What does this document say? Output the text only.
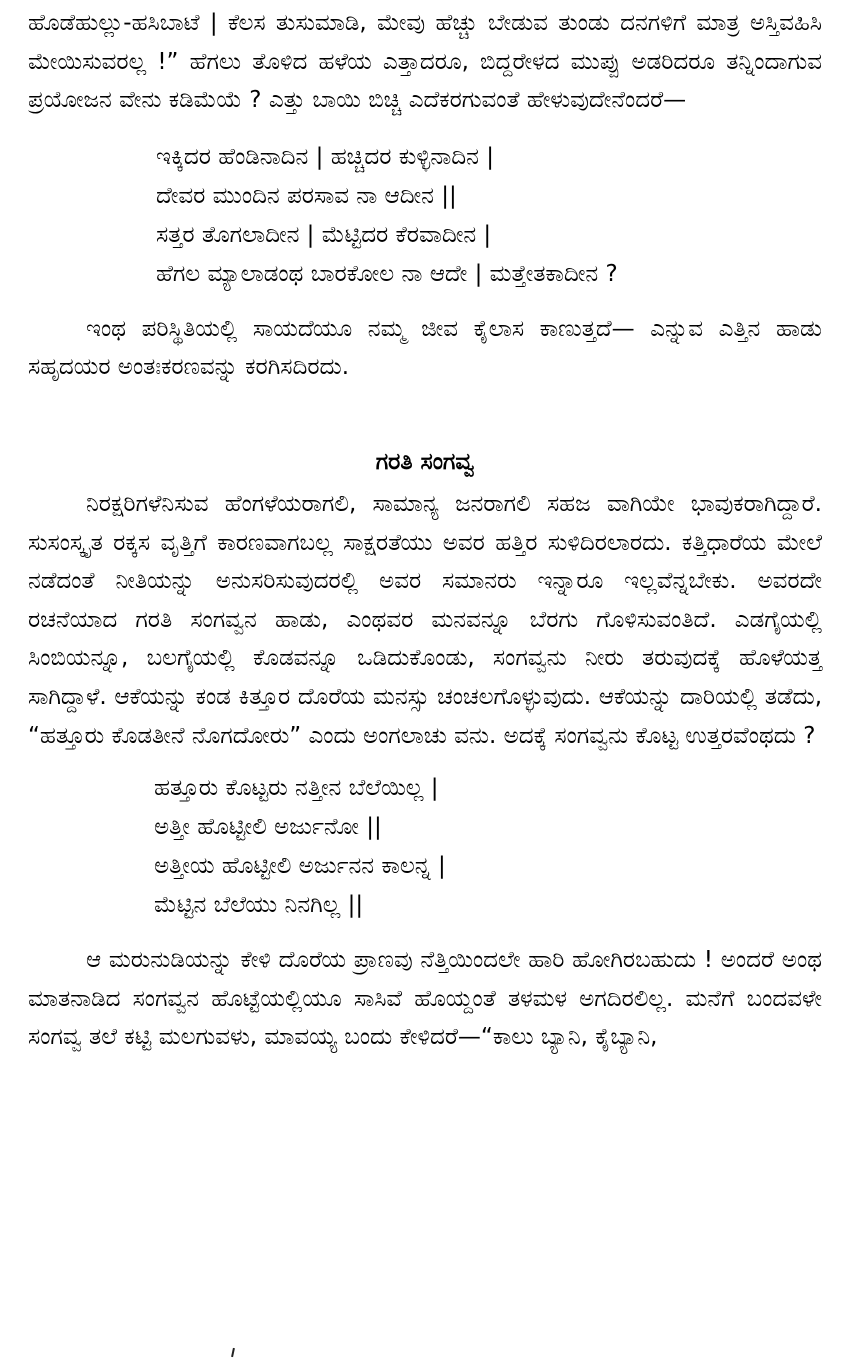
ಹೊಡೆಹುಲ್ಲು-ಹಸಿಬಾಟೆ | ಕೆಲಸ ತುಸುಮಾಡಿ, ಮೇವು ಹೆಚ್ಚು ಬೇಡುವ ತುಂಡು ದನಗಳಿಗೆ ಮಾತ್ರ ಅಸ್ತಿವಹಿಸಿ ಮೇಯಿಸುವರಲ್ಲ !” ಹೆಗಲು ತೊಳಿದ ಹಳೆಯ ಎತ್ತಾದರೂ, ಬಿದ್ದರೇಳದ ಮುಪ್ಪು ಅಡರಿದರೂ ತನ್ನಿಂದಾಗುವ ಪ್ರಯೋಜನ ವೇನು ಕಡಿಮೆಯೆ ? ಎತ್ತು ಬಾಯಿ ಬಿಚ್ಚಿ ಎದೆಕರಗುವಂತೆ ಹೇಳುವುದೇನೆಂದರೆ—

ಇಕ್ಕಿದರ ಹೆಂಡಿನಾದಿನ | ಹಚ್ಚಿದರ ಕುಳ್ಳಿನಾದಿನ |
ದೇವರ ಮುಂದಿನ ಪರಸಾವ ನಾ ಆದೀನ ||
ಸತ್ತರ ತೊಗಲಾದೀನ | ಮೆಟ್ಟಿದರ ಕೆರವಾದೀನ |
ಹೆಗಲ ಮ್ಯಾಲಾಡಂಥ ಬಾರಕೋಲ ನಾ ಆದೇ | ಮತ್ತೇತಕಾದೀನ ?

ಇಂಥ ಪರಿಸ್ಥಿತಿಯಲ್ಲಿ ಸಾಯದೆಯೂ ನಮ್ಮ ಜೀವ ಕೈಲಾಸ ಕಾಣುತ್ತದೆ— ಎನ್ನುವ ಎತ್ತಿನ ಹಾಡು ಸಹೃದಯರ ಅಂತಃಕರಣವನ್ನು ಕರಗಿಸದಿರದು.

ಗರತಿ ಸಂಗವ್ವ

ನಿರಕ್ಷರಿಗಳೆನಿಸುವ ಹೆಂಗಳೆಯರಾಗಲಿ, ಸಾಮಾನ್ಯ ಜನರಾಗಲಿ ಸಹಜ ವಾಗಿಯೇ ಭಾವುಕರಾಗಿದ್ದಾರೆ. ಸುಸಂಸ್ಕೃತ ರಕ್ಕಸ ವೃತ್ತಿಗೆ ಕಾರಣವಾಗಬಲ್ಲ ಸಾಕ್ಷರತೆಯು ಅವರ ಹತ್ತಿರ ಸುಳಿದಿರಲಾರದು. ಕತ್ತಿಧಾರೆಯ ಮೇಲೆ ನಡೆದಂತೆ ನೀತಿಯನ್ನು ಅನುಸರಿಸುವುದರಲ್ಲಿ ಅವರ ಸಮಾನರು ಇನ್ನಾರೂ ಇಲ್ಲವೆನ್ನಬೇಕು. ಅವರದೇ ರಚನೆಯಾದ ಗರತಿ ಸಂಗವ್ವನ ಹಾಡು, ಎಂಥವರ ಮನವನ್ನೂ ಬೆರಗು ಗೊಳಿಸುವಂತಿದೆ. ಎಡಗೈಯಲ್ಲಿ ಸಿಂಬಿಯನ್ನೂ, ಬಲಗೈಯಲ್ಲಿ ಕೊಡವನ್ನೂ ಒಡಿದುಕೊಂಡು, ಸಂಗವ್ವನು ನೀರು ತರುವುದಕ್ಕೆ ಹೊಳೆಯತ್ತ ಸಾಗಿದ್ದಾಳೆ. ಆಕೆಯನ್ನು ಕಂಡ ಕಿತ್ತೂರ ದೊರೆಯ ಮನಸ್ಸು ಚಂಚಲಗೊಳ್ಳುವುದು. ಆಕೆಯನ್ನು ದಾರಿಯಲ್ಲಿ ತಡೆದು, “ಹತ್ತೂರು ಕೊಡತೀನೆ ನೊಗದೋರು” ಎಂದು ಅಂಗಲಾಚು ವನು. ಅದಕ್ಕೆ ಸಂಗವ್ವನು ಕೊಟ್ಟ ಉತ್ತರವೆಂಥದು ?

ಹತ್ತೂರು ಕೊಟ್ಟರು ನತ್ತೀನ ಬೆಲೆಯಿಲ್ಲ |
ಅತ್ತೀ ಹೊಟ್ಟೀಲಿ ಅರ್ಜುನೋ ||
ಅತ್ತೀಯ ಹೊಟ್ಟೀಲಿ ಅರ್ಜುನನ ಕಾಲನ್ನ |
ಮೆಟ್ಟಿನ ಬೆಲೆಯು ನಿನಗಿಲ್ಲ ||

ಆ ಮರುನುಡಿಯನ್ನು ಕೇಳಿ ದೊರೆಯ ಪ್ರಾಣವು ನೆತ್ತಿಯಿಂದಲೇ ಹಾರಿ ಹೋಗಿರಬಹುದು ! ಅಂದರೆ ಅಂಥ ಮಾತನಾಡಿದ ಸಂಗವ್ವನ ಹೊಟ್ಟೆಯಲ್ಲಿಯೂ ಸಾಸಿವೆ ಹೊಯ್ದಂತೆ ತಳಮಳ ಅಗದಿರಲಿಲ್ಲ. ಮನೆಗೆ ಬಂದವಳೇ ಸಂಗವ್ವ ತಲೆ ಕಟ್ಟಿ ಮಲಗುವಳು, ಮಾವಯ್ಯ ಬಂದು ಕೇಳಿದರೆ—“ಕಾಲು ಬ್ಯಾನಿ, ಕೈಬ್ಯಾನಿ,
